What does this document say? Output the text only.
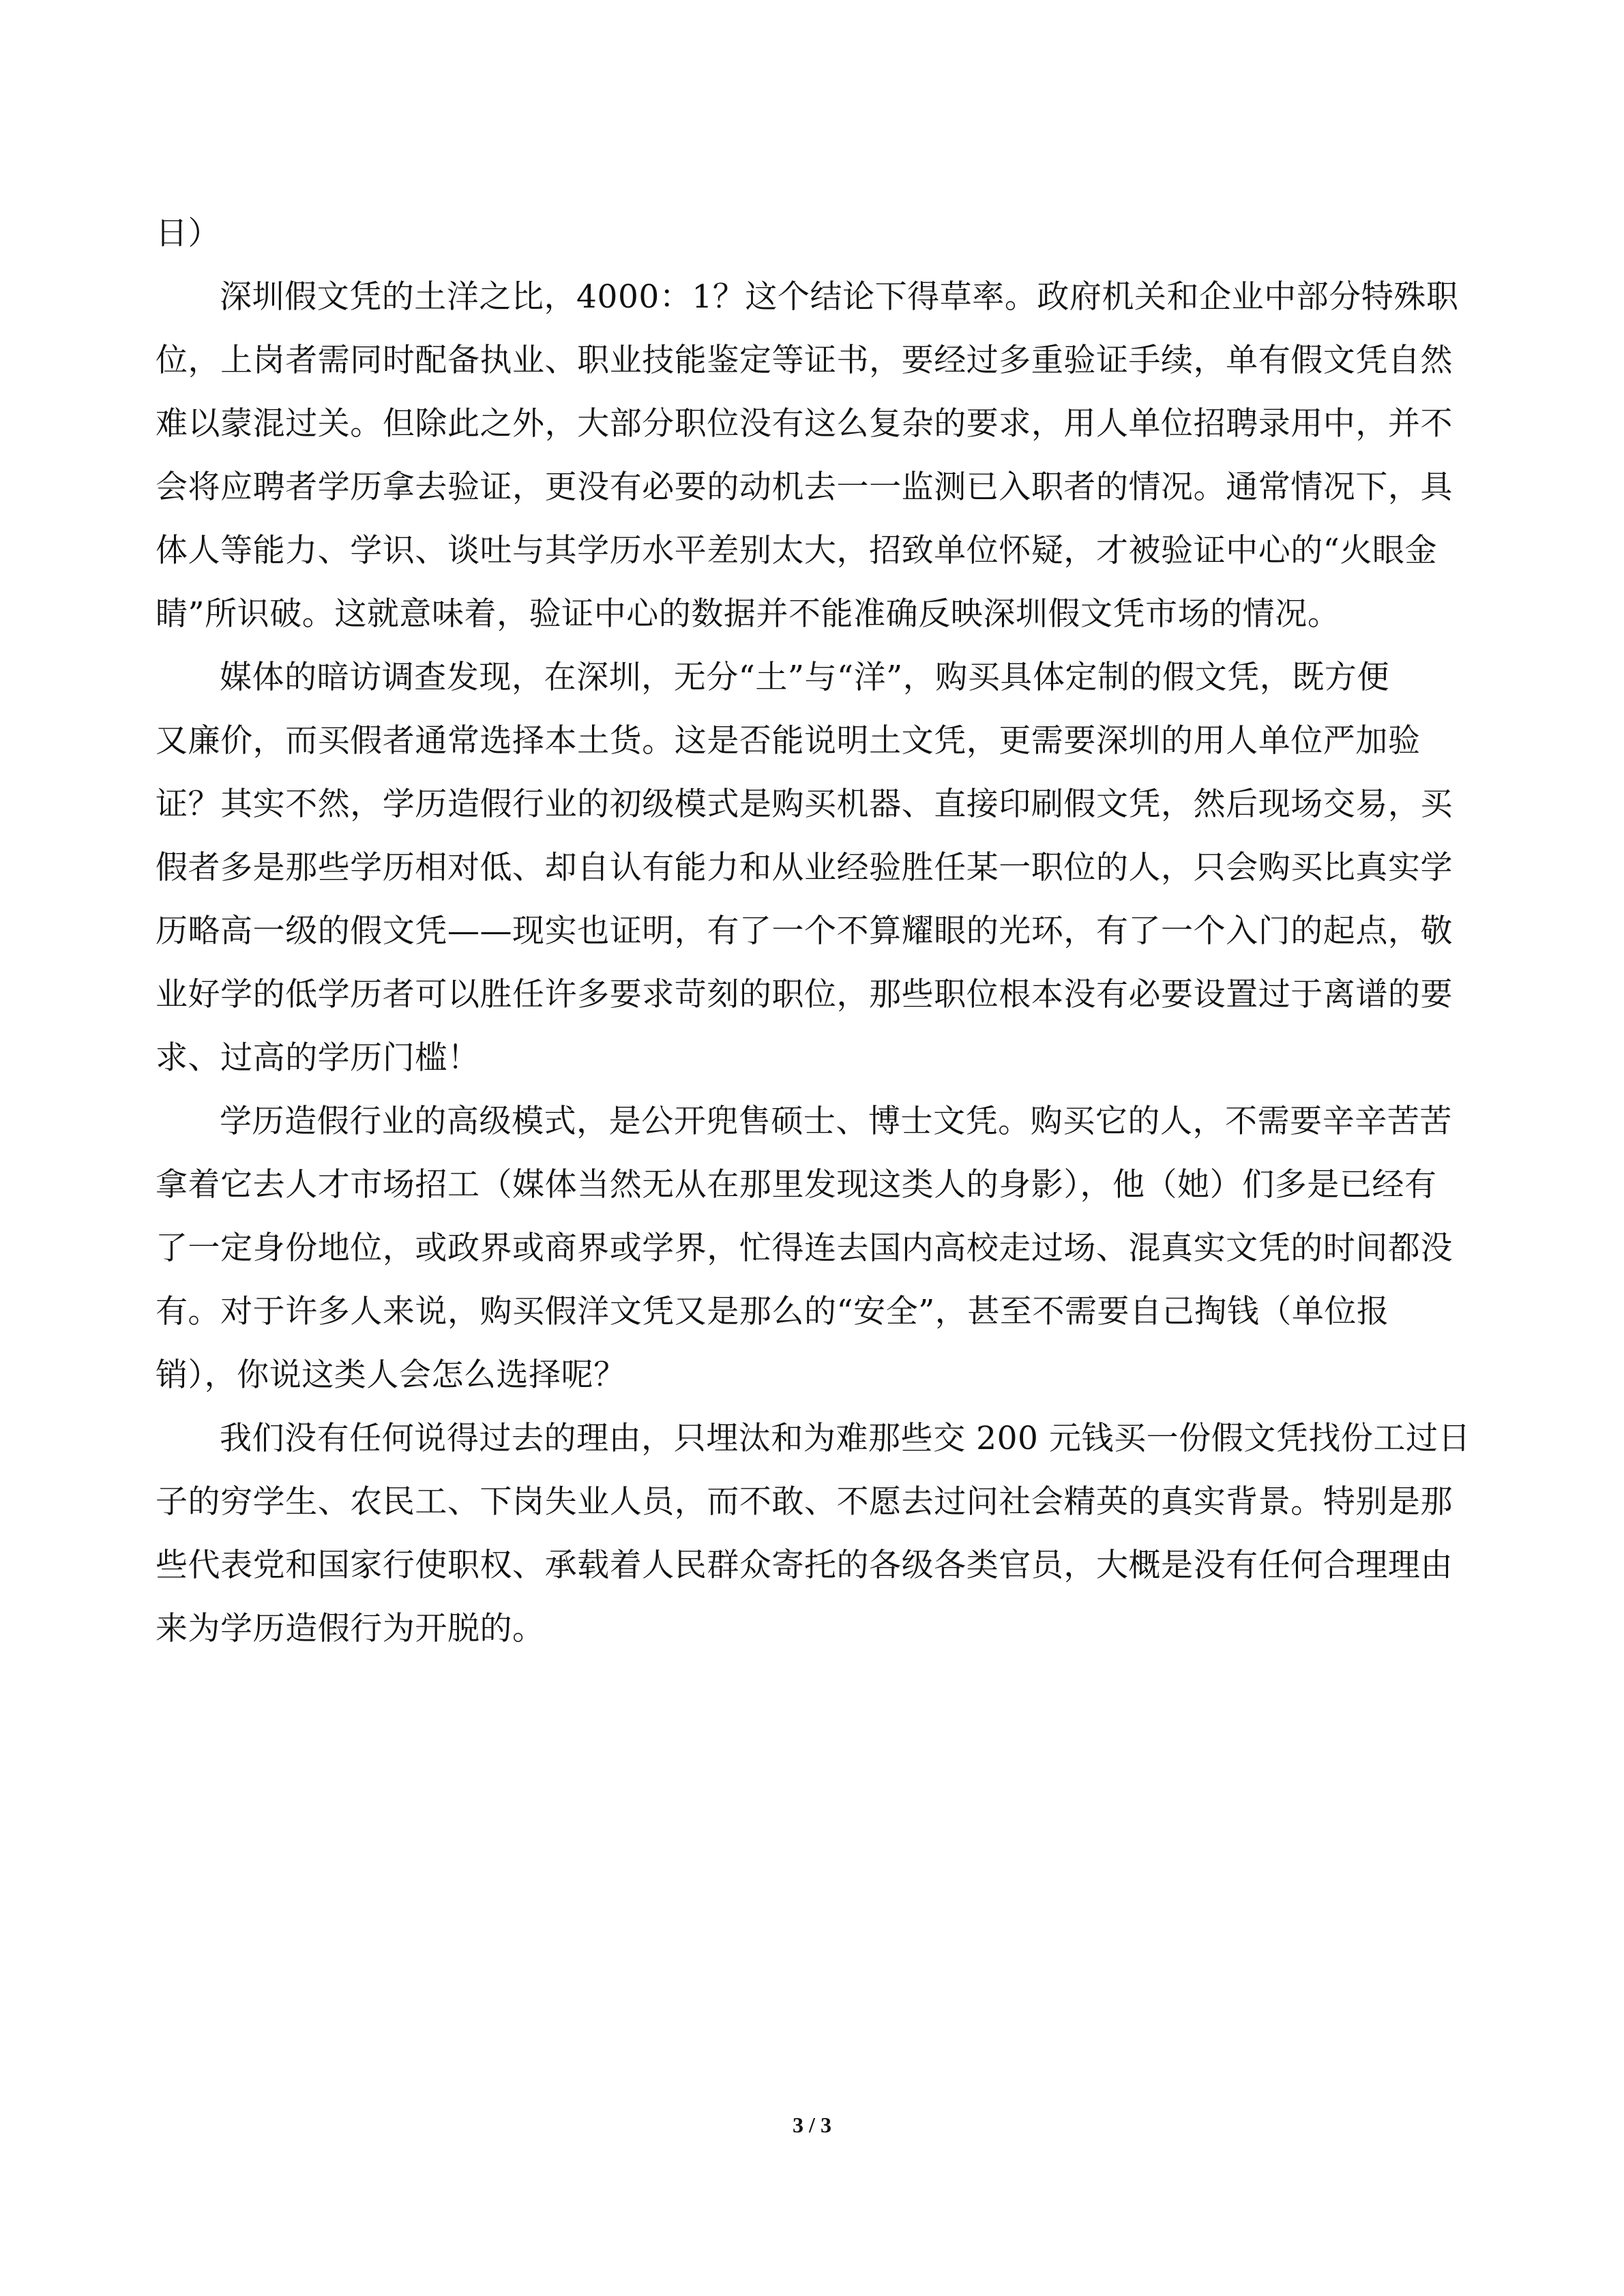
日）
深圳假文凭的土洋之比，4000：1？这个结论下得草率。政府机关和企业中部分特殊职
位，上岗者需同时配备执业、职业技能鉴定等证书，要经过多重验证手续，单有假文凭自然
难以蒙混过关。但除此之外，大部分职位没有这么复杂的要求，用人单位招聘录用中，并不
会将应聘者学历拿去验证，更没有必要的动机去一一监测已入职者的情况。通常情况下，具
体人等能力、学识、谈吐与其学历水平差别太大，招致单位怀疑，才被验证中心的“火眼金
睛”所识破。这就意味着，验证中心的数据并不能准确反映深圳假文凭市场的情况。
媒体的暗访调查发现，在深圳，无分“土”与“洋”，购买具体定制的假文凭，既方便
又廉价，而买假者通常选择本土货。这是否能说明土文凭，更需要深圳的用人单位严加验
证？其实不然，学历造假行业的初级模式是购买机器、直接印刷假文凭，然后现场交易，买
假者多是那些学历相对低、却自认有能力和从业经验胜任某一职位的人，只会购买比真实学
历略高一级的假文凭——现实也证明，有了一个不算耀眼的光环，有了一个入门的起点，敬
业好学的低学历者可以胜任许多要求苛刻的职位，那些职位根本没有必要设置过于离谱的要
求、过高的学历门槛！
学历造假行业的高级模式，是公开兜售硕士、博士文凭。购买它的人，不需要辛辛苦苦
拿着它去人才市场招工（媒体当然无从在那里发现这类人的身影），他（她）们多是已经有
了一定身份地位，或政界或商界或学界，忙得连去国内高校走过场、混真实文凭的时间都没
有。对于许多人来说，购买假洋文凭又是那么的“安全”，甚至不需要自己掏钱（单位报
销），你说这类人会怎么选择呢？
我们没有任何说得过去的理由，只埋汰和为难那些交 200 元钱买一份假文凭找份工过日
子的穷学生、农民工、下岗失业人员，而不敢、不愿去过问社会精英的真实背景。特别是那
些代表党和国家行使职权、承载着人民群众寄托的各级各类官员，大概是没有任何合理理由
来为学历造假行为开脱的。
3 / 3
